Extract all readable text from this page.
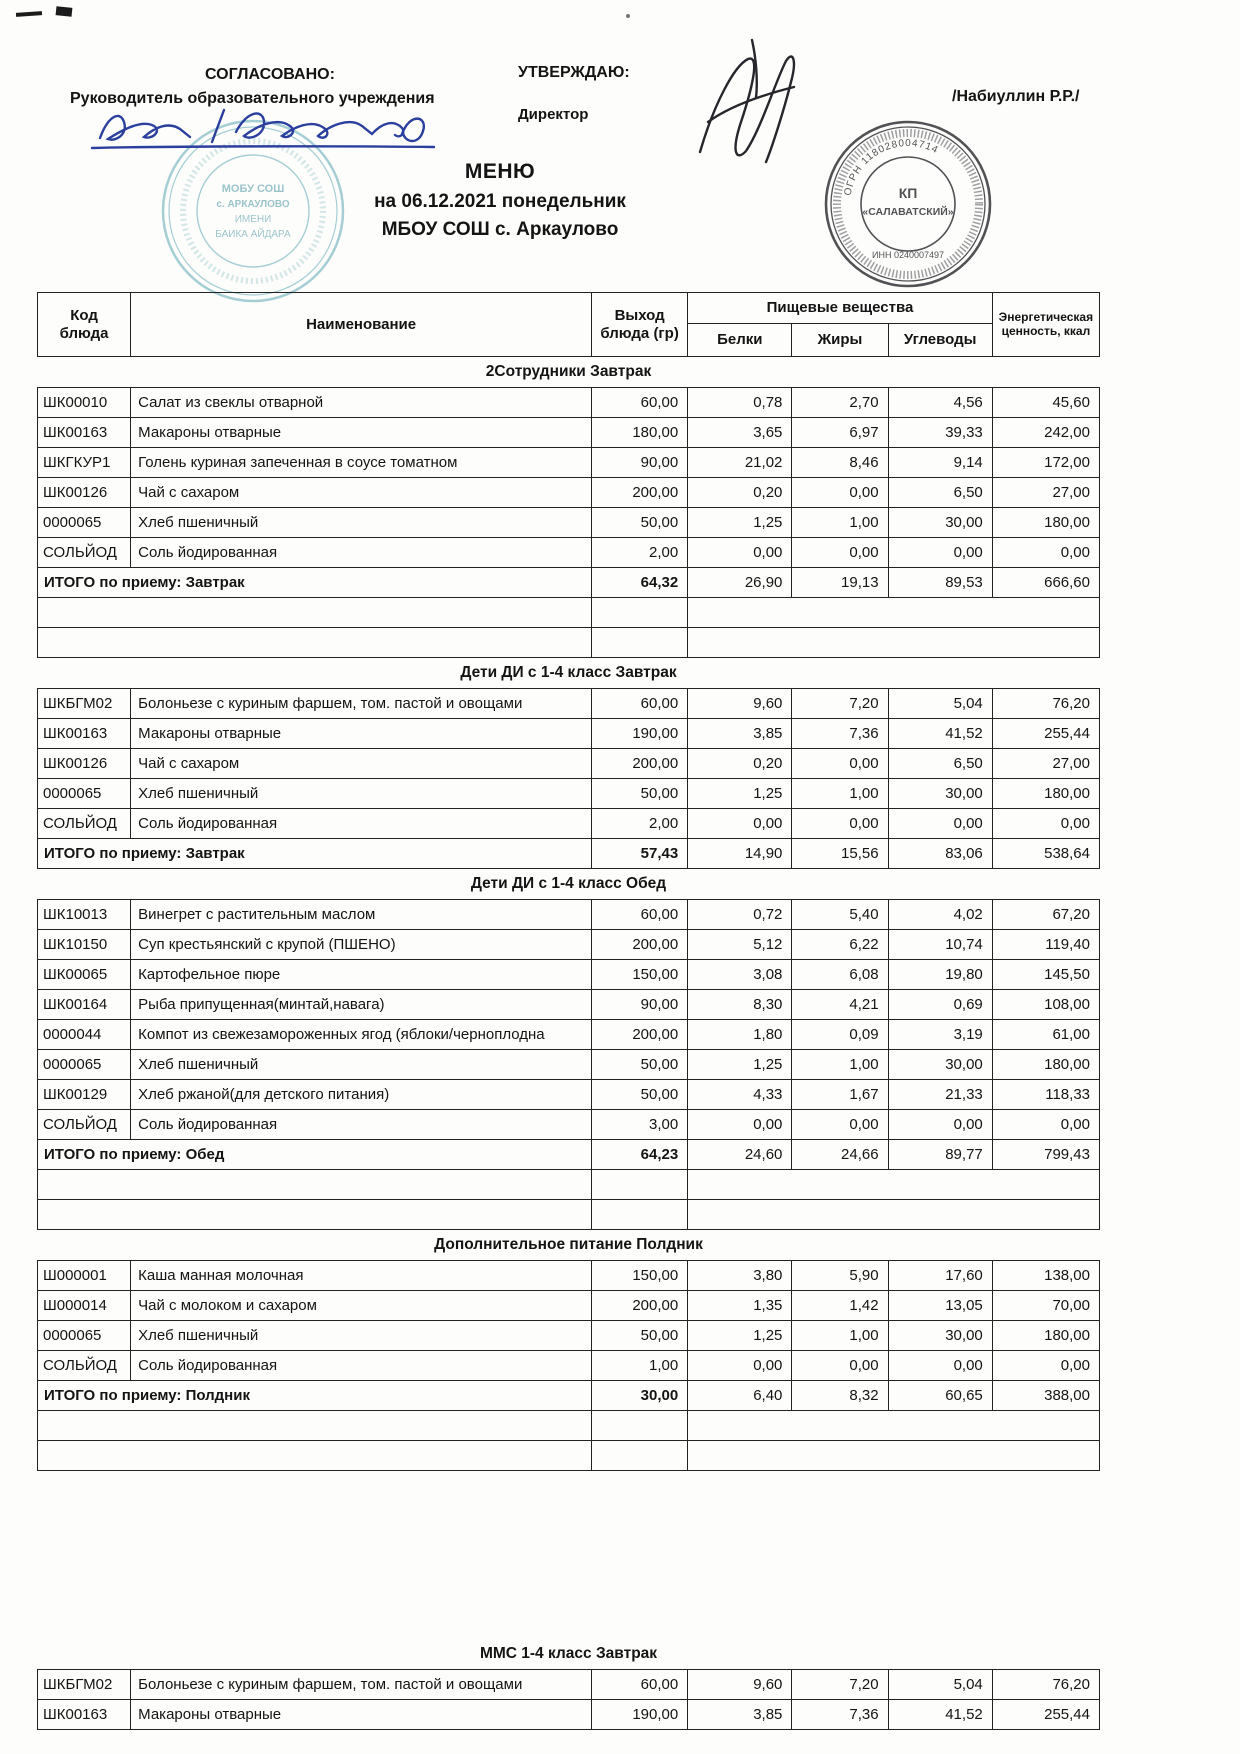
МОБУ СОШ
с. АРКАУЛОВО
ИМЕНИ
БАИКА АЙДАРА
СОГЛАСОВАНО:
Руководитель образовательного учреждения
УТВЕРЖДАЮ:
Директор
/Набиуллин Р.Р./
ОГРН 118028004714
КП
«САЛАВАТСКИЙ»
ИНН 0240007497
МЕНЮ
на 06.12.2021 понедельник
МБОУ СОШ с. Аркаулово
Код блюда	Наименование	Выход блюда (гр)	Пищевые вещества			Энергетическая ценность, ккал
			Белки	Жиры	Углеводы	
2Сотрудники Завтрак						
ШК00010	Салат из свеклы отварной	60,00	0,78	2,70	4,56	45,60
ШК00163	Макароны отварные	180,00	3,65	6,97	39,33	242,00
ШКГКУР1	Голень куриная запеченная в соусе томатном	90,00	21,02	8,46	9,14	172,00
ШК00126	Чай с сахаром	200,00	0,20	0,00	6,50	27,00
0000065	Хлеб пшеничный	50,00	1,25	1,00	30,00	180,00
СОЛЬЙОД	Соль йодированная	2,00	0,00	0,00	0,00	0,00
ИТОГО по приему: Завтрак		64,32	26,90	19,13	89,53	666,60

Дети ДИ с 1-4 класс Завтрак						
ШКБГМ02	Болоньезе с куриным фаршем, том. пастой и овощами	60,00	9,60	7,20	5,04	76,20
ШК00163	Макароны отварные	190,00	3,85	7,36	41,52	255,44
ШК00126	Чай с сахаром	200,00	0,20	0,00	6,50	27,00
0000065	Хлеб пшеничный	50,00	1,25	1,00	30,00	180,00
СОЛЬЙОД	Соль йодированная	2,00	0,00	0,00	0,00	0,00
ИТОГО по приему: Завтрак		57,43	14,90	15,56	83,06	538,64
Дети ДИ с 1-4 класс Обед						
ШК10013	Винегрет с растительным маслом	60,00	0,72	5,40	4,02	67,20
ШК10150	Суп крестьянский с крупой (ПШЕНО)	200,00	5,12	6,22	10,74	119,40
ШК00065	Картофельное пюре	150,00	3,08	6,08	19,80	145,50
ШК00164	Рыба припущенная(минтай,навага)	90,00	8,30	4,21	0,69	108,00
0000044	Компот из свежезамороженных ягод (яблоки/черноплодна	200,00	1,80	0,09	3,19	61,00
0000065	Хлеб пшеничный	50,00	1,25	1,00	30,00	180,00
ШК00129	Хлеб ржаной(для детского питания)	50,00	4,33	1,67	21,33	118,33
СОЛЬЙОД	Соль йодированная	3,00	0,00	0,00	0,00	0,00
ИТОГО по приему: Обед		64,23	24,60	24,66	89,77	799,43

Дополнительное питание Полдник						
Ш000001	Каша манная молочная	150,00	3,80	5,90	17,60	138,00
Ш000014	Чай с молоком и сахаром	200,00	1,35	1,42	13,05	70,00
0000065	Хлеб пшеничный	50,00	1,25	1,00	30,00	180,00
СОЛЬЙОД	Соль йодированная	1,00	0,00	0,00	0,00	0,00
ИТОГО по приему: Полдник		30,00	6,40	8,32	60,65	388,00

ММС 1-4 класс Завтрак						
ШКБГМ02	Болоньезе с куриным фаршем, том. пастой и овощами	60,00	9,60	7,20	5,04	76,20
ШК00163	Макароны отварные	190,00	3,85	7,36	41,52	255,44
